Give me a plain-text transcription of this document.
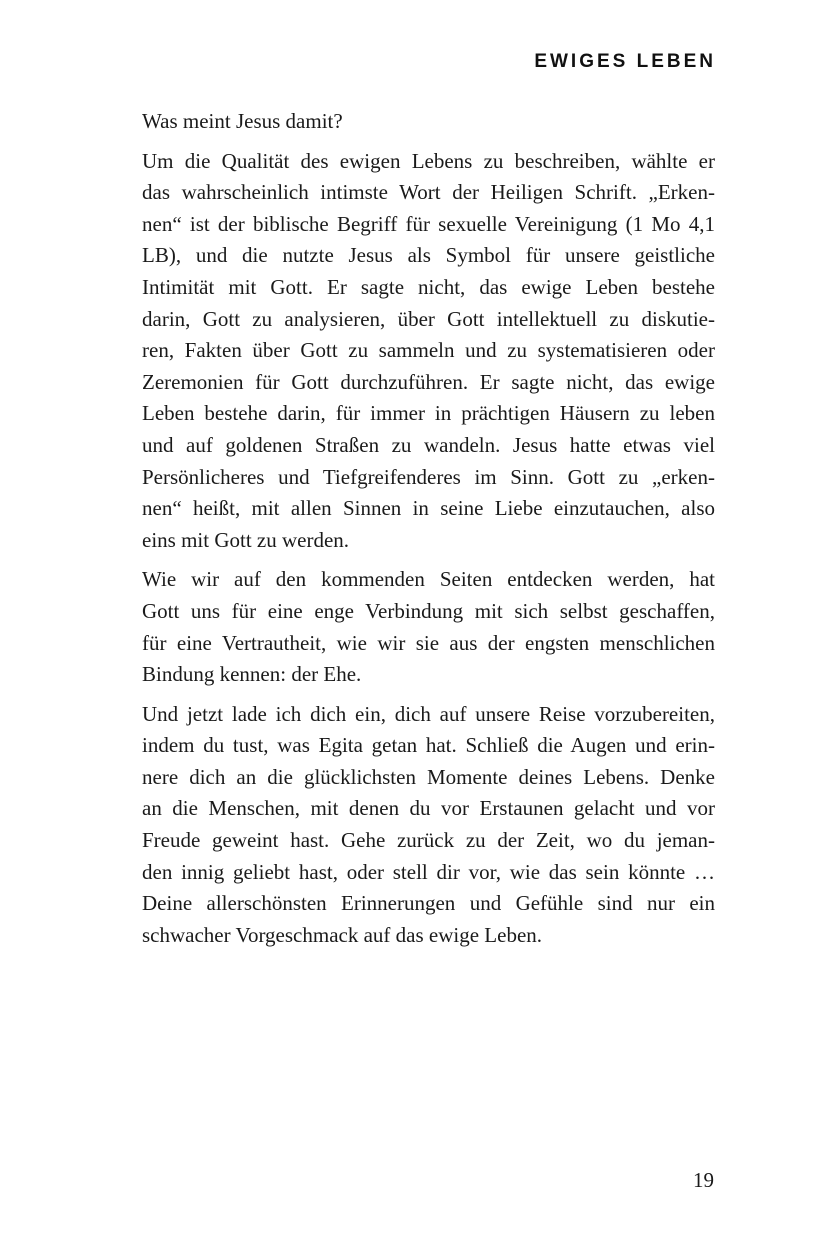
EWIGES LEBEN

Was meint Jesus damit?

Um die Qualität des ewigen Lebens zu beschreiben, wählte er
das wahrscheinlich intimste Wort der Heiligen Schrift. „Erken-
nen“ ist der biblische Begriff für sexuelle Vereinigung (1 Mo 4,1
LB), und die nutzte Jesus als Symbol für unsere geistliche
Intimität mit Gott. Er sagte nicht, das ewige Leben bestehe
darin, Gott zu analysieren, über Gott intellektuell zu diskutie-
ren, Fakten über Gott zu sammeln und zu systematisieren oder
Zeremonien für Gott durchzuführen. Er sagte nicht, das ewige
Leben bestehe darin, für immer in prächtigen Häusern zu leben
und auf goldenen Straßen zu wandeln. Jesus hatte etwas viel
Persönlicheres und Tiefgreifenderes im Sinn. Gott zu „erken-
nen“ heißt, mit allen Sinnen in seine Liebe einzutauchen, also
eins mit Gott zu werden.

Wie wir auf den kommenden Seiten entdecken werden, hat
Gott uns für eine enge Verbindung mit sich selbst geschaffen,
für eine Vertrautheit, wie wir sie aus der engsten menschlichen
Bindung kennen: der Ehe.

Und jetzt lade ich dich ein, dich auf unsere Reise vorzubereiten,
indem du tust, was Egita getan hat. Schließ die Augen und erin-
nere dich an die glücklichsten Momente deines Lebens. Denke
an die Menschen, mit denen du vor Erstaunen gelacht und vor
Freude geweint hast. Gehe zurück zu der Zeit, wo du jeman-
den innig geliebt hast, oder stell dir vor, wie das sein könnte …
Deine allerschönsten Erinnerungen und Gefühle sind nur ein
schwacher Vorgeschmack auf das ewige Leben.

19
